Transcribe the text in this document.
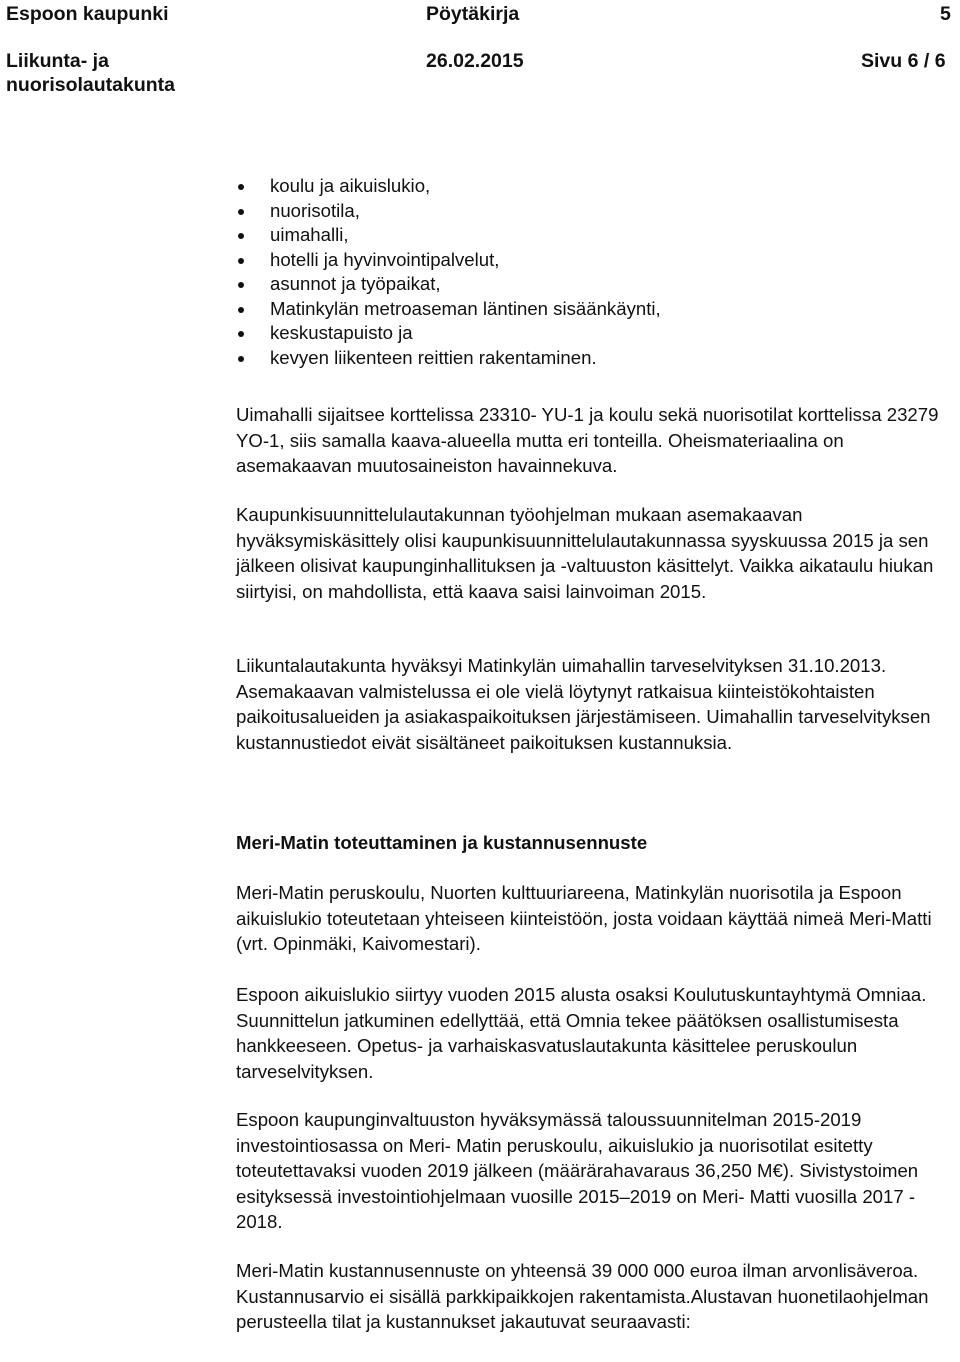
Espoon kaupunki	Pöytäkirja	5
Liikunta- ja	26.02.2015	Sivu 6 / 6
nuorisolautakunta
koulu ja aikuislukio,
nuorisotila,
uimahalli,
hotelli ja hyvinvointipalvelut,
asunnot ja työpaikat,
Matinkylän metroaseman läntinen sisäänkäynti,
keskustapuisto ja
kevyen liikenteen reittien rakentaminen.

Uimahalli sijaitsee korttelissa 23310- YU-1 ja koulu sekä nuorisotilat korttelissa 23279 YO-1, siis samalla kaava-alueella mutta eri tonteilla. Oheismateriaalina on asemakaavan muutosaineiston havainnekuva.

Kaupunkisuunnittelulautakunnan työohjelman mukaan asemakaavan hyväksymiskäsittely olisi kaupunkisuunnittelulautakunnassa syyskuussa 2015 ja sen jälkeen olisivat kaupunginhallituksen ja -valtuuston käsittelyt. Vaikka aikataulu hiukan siirtyisi, on mahdollista, että kaava saisi lainvoiman 2015.

Liikuntalautakunta hyväksyi Matinkylän uimahallin tarveselvityksen 31.10.2013. Asemakaavan valmistelussa ei ole vielä löytynyt ratkaisua kiinteistökohtaisten paikoitusalueiden ja asiakaspaikoituksen järjestämiseen. Uimahallin tarveselvityksen kustannustiedot eivät sisältäneet paikoituksen kustannuksia.

Meri-Matin toteuttaminen ja kustannusennuste

Meri-Matin peruskoulu, Nuorten kulttuuriareena, Matinkylän nuorisotila ja Espoon aikuislukio toteutetaan yhteiseen kiinteistöön, josta voidaan käyttää nimeä Meri-Matti (vrt. Opinmäki, Kaivomestari).

Espoon aikuislukio siirtyy vuoden 2015 alusta osaksi Koulutuskuntayhtymä Omniaa. Suunnittelun jatkuminen edellyttää, että Omnia tekee päätöksen osallistumisesta hankkeeseen. Opetus- ja varhaiskasvatuslautakunta käsittelee peruskoulun tarveselvityksen.

Espoon kaupunginvaltuuston hyväksymässä taloussuunnitelman 2015-2019 investointiosassa on Meri- Matin peruskoulu, aikuislukio ja nuorisotilat esitetty toteutettavaksi vuoden 2019 jälkeen (määrärahavaraus 36,250 M€). Sivistystoimen esityksessä investointiohjelmaan vuosille 2015–2019 on Meri- Matti vuosilla 2017 - 2018.

Meri-Matin kustannusennuste on yhteensä 39 000 000 euroa ilman arvonlisäveroa. Kustannusarvio ei sisällä parkkipaikkojen rakentamista.Alustavan huonetilaohjelman perusteella tilat ja kustannukset jakautuvat seuraavasti:
